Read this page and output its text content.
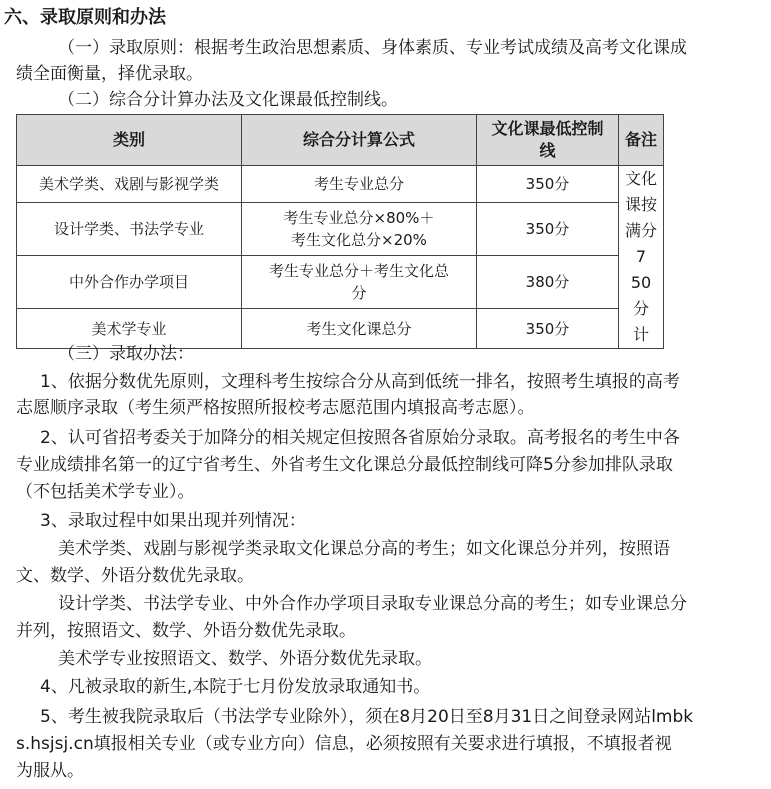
六、录取原则和办法
（一）录取原则：根据考生政治思想素质、身体素质、专业考试成绩及高考文化课成
绩全面衡量，择优录取。
（二）综合分计算办法及文化课最低控制线。
类别	综合分计算公式	文化课最低控制
线	备注
美术学类、戏剧与影视学类	考生专业总分	350分	文化
课按
满分7
50分
计

设计学类、书法学专业	考生专业总分×80%＋
考生文化总分×20%	350分	
中外合作办学项目	考生专业总分＋考生文化总
分	380分	
美术学专业	考生文化课总分	350分	
（三）录取办法：
1、依据分数优先原则，文理科考生按综合分从高到低统一排名，按照考生填报的高考
志愿顺序录取（考生须严格按照所报校考志愿范围内填报高考志愿）。
2、认可省招考委关于加降分的相关规定但按照各省原始分录取。高考报名的考生中各
专业成绩排名第一的辽宁省考生、外省考生文化课总分最低控制线可降5分参加排队录取
（不包括美术学专业）。
3、录取过程中如果出现并列情况：
美术学类、戏剧与影视学类录取文化课总分高的考生；如文化课总分并列，按照语
文、数学、外语分数优先录取。
设计学类、书法学专业、中外合作办学项目录取专业课总分高的考生；如专业课总分
并列，按照语文、数学、外语分数优先录取。
美术学专业按照语文、数学、外语分数优先录取。
4、凡被录取的新生,本院于七月份发放录取通知书。
5、考生被我院录取后（书法学专业除外），须在8月20日至8月31日之间登录网站lmbk
s.hsjsj.cn填报相关专业（或专业方向）信息，必须按照有关要求进行填报，不填报者视
为服从。
